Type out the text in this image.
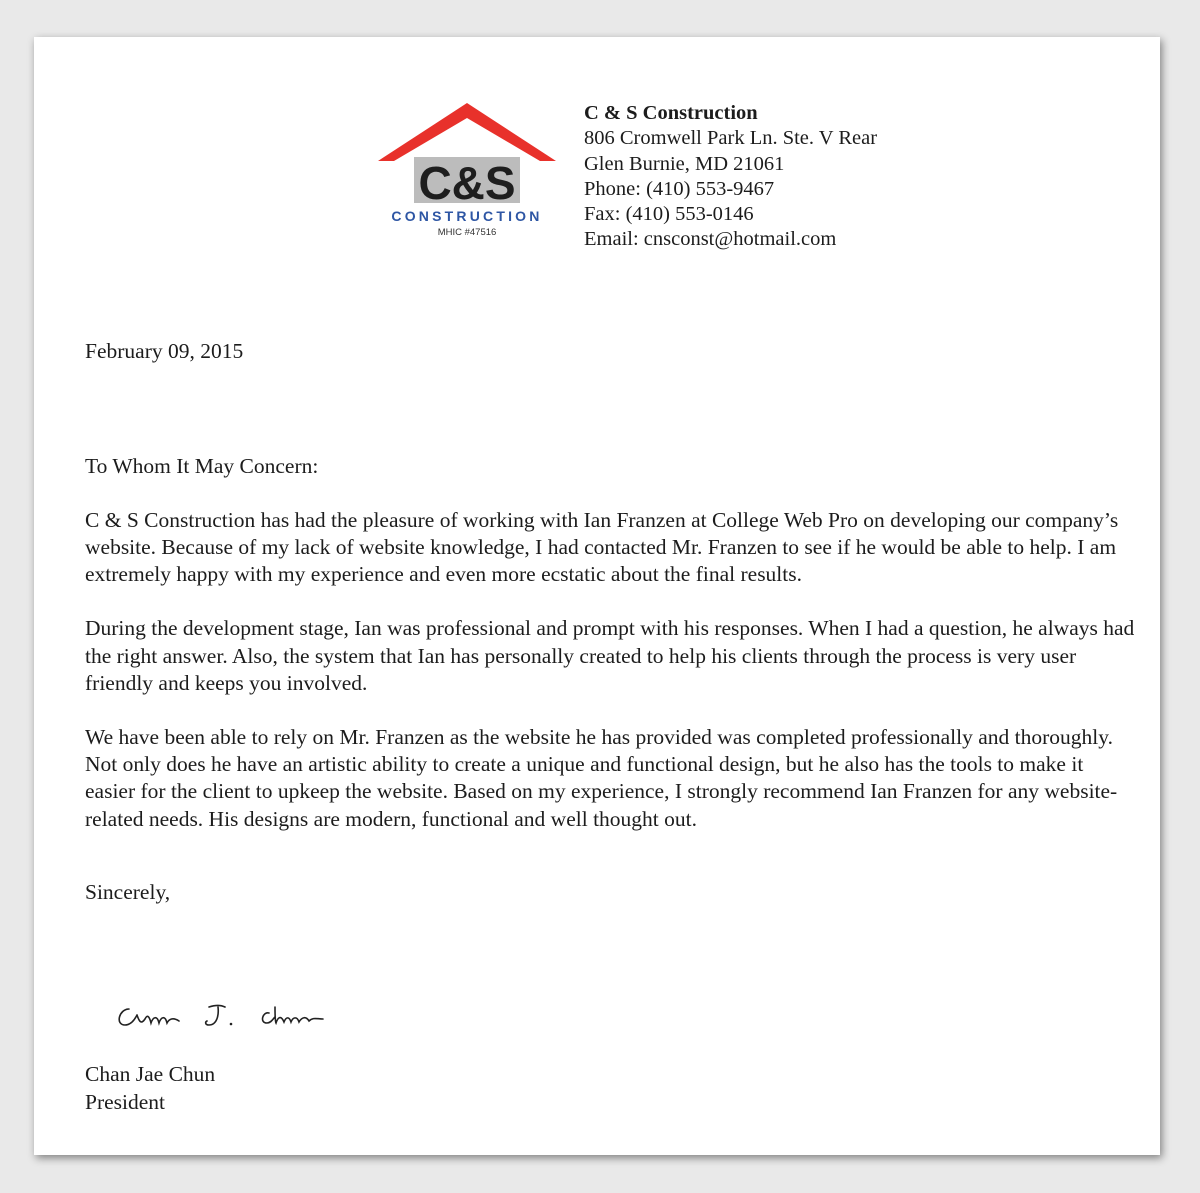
C&S
CONSTRUCTION
MHIC #47516
C & S Construction
806 Cromwell Park Ln. Ste. V Rear
Glen Burnie, MD 21061
Phone: (410) 553-9467
Fax: (410) 553-0146
Email: cnsconst@hotmail.com
February 09, 2015

To Whom It May Concern:

C & S Construction has had the pleasure of working with Ian Franzen at College Web Pro on developing our company’s website. Because of my lack of website knowledge, I had contacted Mr. Franzen to see if he would be able to help. I am extremely happy with my experience and even more ecstatic about the final results.

During the development stage, Ian was professional and prompt with his responses. When I had a question, he always had the right answer. Also, the system that Ian has personally created to help his clients through the process is very user friendly and keeps you involved.

We have been able to rely on Mr. Franzen as the website he has provided was completed professionally and thoroughly. Not only does he have an artistic ability to create a unique and functional design, but he also has the tools to make it easier for the client to upkeep the website. Based on my experience, I strongly recommend Ian Franzen for any website-related needs. His designs are modern, functional and well thought out.

Sincerely,

Chan Jae Chun
President
